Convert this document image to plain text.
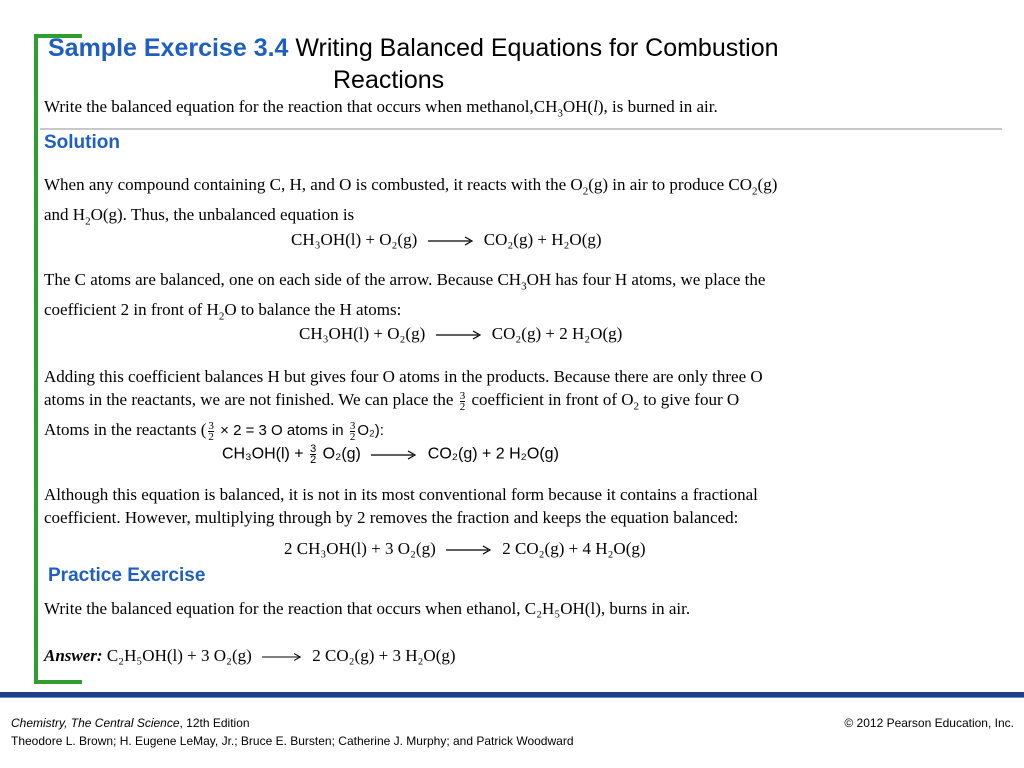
Sample Exercise 3.4 Writing Balanced Equations for Combustion
Reactions
Write the balanced equation for the reaction that occurs when $methanol,CH_3OH(l)$, is burned in air.
Solution
When any compound containing C, H, and O is combusted, it reacts with the $O_2(g)$ in air to produce $CO_2(g)$
and $H_2O(g)$. Thus, the unbalanced equation is
CH₃OH(l) + O₂(g) → CO₂(g) + H₂O(g)
The C atoms are balanced, one on each side of the arrow. Because $CH_3OH$ has four H atoms, we place the
coefficient 2 in front of $H_2O$ to balance the H atoms:
CH₃OH(l) + O₂(g) → CO₂(g) + 2 H₂O(g)
Adding this coefficient balances H but gives four O atoms in the products. Because there are only three O
atoms in the reactants, we are not finished. We can place the $\frac{3}{2}$ coefficient in front of $O_2$ to give four O
Atoms in the reactants ( $\frac{3}{2} \times 2 = 3$ O atoms in $\frac{3}{2} O_2$):
$CH_3OH(l) + \frac{3}{2} O_2(g) \to CO_2(g) + 2$ H₂O(g)
Although this equation is balanced, it is not in its most conventional form because it contains a fractional
coefficient. However, multiplying through by 2 removes the fraction and keeps the equation balanced:
2 CH₃OH(l) + 3 O₂(g) → 2 CO₂(g) + 4 H₂O(g)
Practice Exercise
Write the balanced equation for the reaction that occurs when ethanol, C₂H₅OH(l), burns in air.
Answer: C₂H₅OH(l) + 3 O₂(g) → 2 CO₂(g) + 3 H₂O(g)
Chemistry, The Central Science, 12th Edition
Theodore L. Brown; H. Eugene LeMay, Jr.; Bruce E. Bursten; Catherine J. Murphy; and Patrick Woodward
© 2012 Pearson Education, Inc.
